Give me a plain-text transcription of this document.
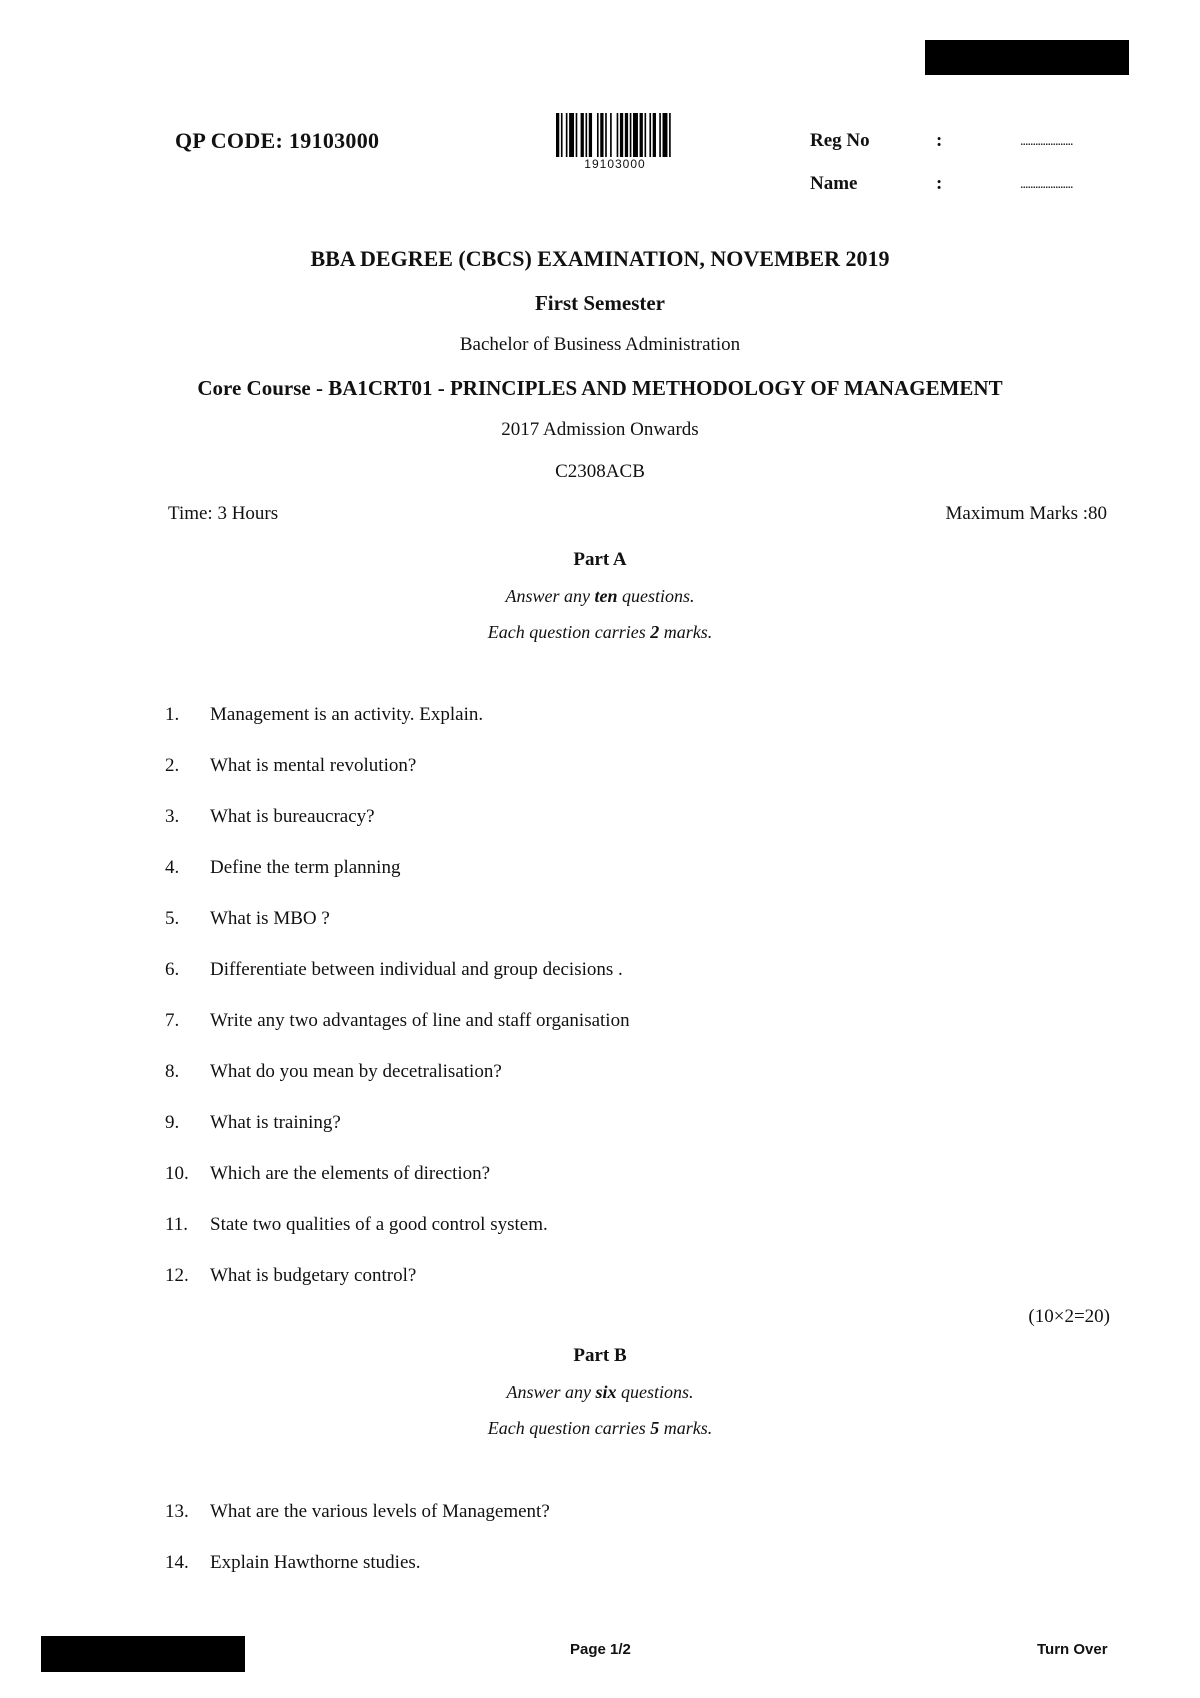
QP CODE: 19103000
19103000
Reg No	:	.....................
Name	:	.....................
BBA DEGREE (CBCS) EXAMINATION, NOVEMBER 2019
First Semester
Bachelor of Business Administration
Core Course - BA1CRT01 - PRINCIPLES AND METHODOLOGY OF MANAGEMENT
2017 Admission Onwards
C2308ACB
Time: 3 Hours	Maximum Marks :80
Part A
Answer any ten questions.
Each question carries 2 marks.
1. Management is an activity. Explain.
2. What is mental revolution?
3. What is bureaucracy?
4. Define the term planning
5. What is MBO ?
6. Differentiate between individual and group decisions .
7. Write any two advantages of line and staff organisation
8. What do you mean by decetralisation?
9. What is training?
10. Which are the elements of direction?
11. State two qualities of a good control system.
12. What is budgetary control?
(10×2=20)
Part B
Answer any six questions.
Each question carries 5 marks.
13. What are the various levels of Management?
14. Explain Hawthorne studies.
Page 1/2	Turn Over
